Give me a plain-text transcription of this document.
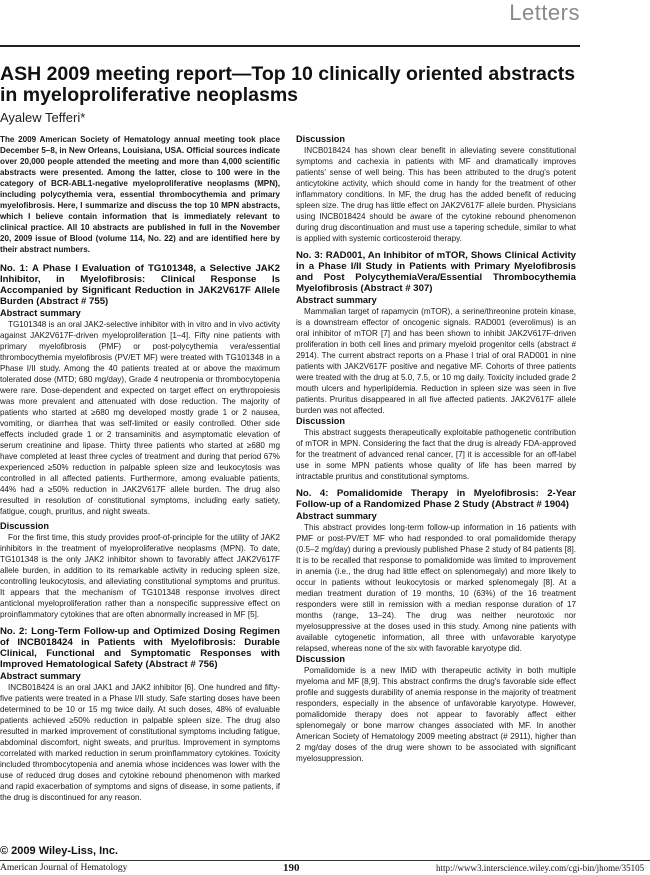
Letters
ASH 2009 meeting report—Top 10 clinically oriented abstracts in myeloproliferative neoplasms
Ayalew Tefferi*

The 2009 American Society of Hematology annual meeting took place December 5–8, in New Orleans, Louisiana, USA. Official sources indicate over 20,000 people attended the meeting and more than 4,000 scientific abstracts were presented. Among the latter, close to 100 were in the category of BCR-ABL1-negative myeloproliferative neoplasms (MPN), including polycythemia vera, essential thrombocythemia and primary myelofibrosis. Here, I summarize and discuss the top 10 MPN abstracts, which I believe contain information that is immediately relevant to clinical practice. All 10 abstracts are published in full in the November 20, 2009 issue of Blood (volume 114, No. 22) and are identified here by their abstract numbers.

No. 1: A Phase I Evaluation of TG101348, a Selective JAK2 Inhibitor, in Myelofibrosis: Clinical Response Is Accompanied by Significant Reduction in JAK2V617F Allele Burden (Abstract # 755)
Abstract summary

TG101348 is an oral JAK2-selective inhibitor with in vitro and in vivo activity against JAK2V617F-driven myeloproliferation [1–4]. Fifty nine patients with primary myelofibrosis (PMF) or post-polycythemia vera/essential thrombocythemia myelofibrosis (PV/ET MF) were treated with TG101348 in a Phase I/II study. Among the 40 patients treated at or above the maximum tolerated dose (MTD; 680 mg/day), Grade 4 neutropenia or thrombocytopenia were rare. Dose-dependent and expected on target effect on erythropoiesis was more prevalent and attenuated with dose reduction. The majority of patients who started at ≥680 mg developed mostly grade 1 or 2 nausea, vomiting, or diarrhea that was self-limited or easily controlled. Other side effects included grade 1 or 2 transaminitis and asymptomatic elevation of serum creatinine and lipase. Thirty three patients who started at ≥680 mg have completed at least three cycles of treatment and during that period 67% experienced ≥50% reduction in palpable spleen size and leukocytosis was controlled in all affected patients. Furthermore, among evaluable patients, 44% had a ≥50% reduction in JAK2V617F allele burden. The drug also resulted in resolution of constitutional symptoms, including early satiety, fatigue, cough, pruritus, and night sweats.

Discussion

For the first time, this study provides proof-of-principle for the utility of JAK2 inhibitors in the treatment of myeloproliferative neoplasms (MPN). To date, TG101348 is the only JAK2 inhibitor shown to favorably affect JAK2V617F allele burden, in addition to its remarkable activity in reducing spleen size, controlling leukocytosis, and alleviating constitutional symptoms and pruritus. It appears that the mechanism of TG101348 response involves direct anticlonal myeloproliferation rather than a nonspecific suppressive effect on proinflammatory cytokines that are often abnormally increased in MF [5].

No. 2: Long-Term Follow-up and Optimized Dosing Regimen of INCB018424 in Patients with Myelofibrosis: Durable Clinical, Functional and Symptomatic Responses with Improved Hematological Safety (Abstract # 756)
Abstract summary

INCB018424 is an oral JAK1 and JAK2 inhibitor [6]. One hundred and fifty-five patients were treated in a Phase I/II study. Safe starting doses have been determined to be 10 or 15 mg twice daily. At such doses, 48% of evaluable patients achieved ≥50% reduction in palpable spleen size. The drug also resulted in marked improvement of constitutional symptoms including fatigue, abdominal discomfort, night sweats, and pruritus. Improvement in symptoms correlated with marked reduction in serum proinflammatory cytokines. Toxicity included thrombocytopenia and anemia whose incidences was lower with the use of reduced drug doses and cytokine rebound phenomenon with marked and rapid exacerbation of symptoms and signs of disease, in some patients, if the drug is discontinued for any reason.

Discussion

INCB018424 has shown clear benefit in alleviating severe constitutional symptoms and cachexia in patients with MF and dramatically improves patients' sense of well being. This has been attributed to the drug's potent anticytokine activity, which should come in handy for the treatment of other inflammatory conditions. In MF, the drug has the added benefit of reducing spleen size. The drug has little effect on JAK2V617F allele burden. Physicians using INCB018424 should be aware of the cytokine rebound phenomenon during drug discontinuation and must use a tapering schedule, similar to what is applied with systemic corticosteroid therapy.

No. 3: RAD001, An Inhibitor of mTOR, Shows Clinical Activity in a Phase I/II Study in Patients with Primary Myelofibrosis and Post PolycythemiaVera/Essential Thrombocythemia Myelofibrosis (Abstract # 307)
Abstract summary

Mammalian target of rapamycin (mTOR), a serine/threonine protein kinase, is a downstream effector of oncogenic signals. RAD001 (everolimus) is an oral inhibitor of mTOR [7] and has been shown to inhibit JAK2V617F-driven proliferation in both cell lines and primary myeloid progenitor cells (abstract # 2914). The current abstract reports on a Phase I trial of oral RAD001 in nine patients with JAK2V617F positive and negative MF. Cohorts of three patients were treated with the drug at 5.0, 7.5, or 10 mg daily. Toxicity included grade 2 mouth ulcers and hyperlipidemia. Reduction in spleen size was seen in five patients. Pruritus disappeared in all five affected patients. JAK2V617F allele burden was not affected.

Discussion

This abstract suggests therapeutically exploitable pathogenetic contribution of mTOR in MPN. Considering the fact that the drug is already FDA-approved for the treatment of advanced renal cancer, [7] it is accessible for an off-label use in some MPN patients whose quality of life has been marred by intractable pruritus and constitutional symptoms.

No. 4: Pomalidomide Therapy in Myelofibrosis: 2-Year Follow-up of a Randomized Phase 2 Study (Abstract # 1904)
Abstract summary

This abstract provides long-term follow-up information in 16 patients with PMF or post-PV/ET MF who had responded to oral pomalidomide therapy (0.5–2 mg/day) during a previously published Phase 2 study of 84 patients [8]. It is to be recalled that response to pomalidomide was limited to improvement in anemia (i.e., the drug had little effect on splenomegaly) and more likely to occur in patients without leukocytosis or marked splenomegaly [8]. At a median treatment duration of 19 months, 10 (63%) of the 16 treatment responders were still in remission with a median response duration of 17 months (range, 13–24). The drug was neither neurotoxic nor myelosuppressive at the doses used in this study. Among nine patients with available cytogenetic information, all three with unfavorable karyotype relapsed, whereas none of the six with favorable karyotype did.

Discussion

Pomalidomide is a new IMiD with therapeutic activity in both multiple myeloma and MF [8,9]. This abstract confirms the drug's favorable side effect profile and suggests durability of anemia response in the majority of treatment responders, especially in the absence of unfavorable karyotype. However, pomalidomide therapy does not appear to favorably affect either splenomegaly or bone marrow changes associated with MF. In another American Society of Hematology 2009 meeting abstract (# 2911), higher than 2 mg/day doses of the drug were shown to be associated with significant myelosuppression.

© 2009 Wiley-Liss, Inc.
American Journal of Hematology	190	http://www3.interscience.wiley.com/cgi-bin/jhome/35105
